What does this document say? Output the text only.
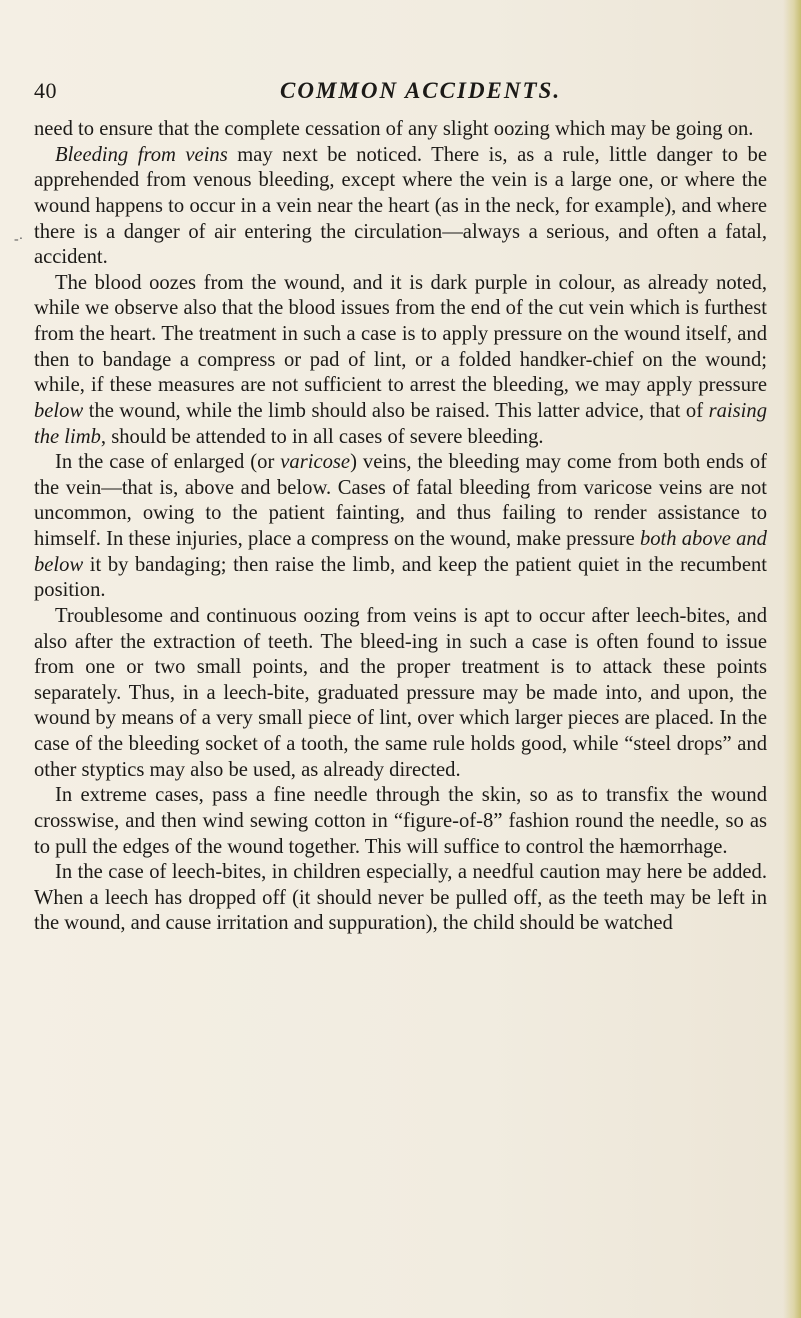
40	COMMON ACCIDENTS.
-·

need to ensure that the complete cessation of any slight oozing which may be going on.

Bleeding from veins may next be noticed. There is, as a rule, little danger to be apprehended from venous bleeding, except where the vein is a large one, or where the wound happens to occur in a vein near the heart (as in the neck, for example), and where there is a danger of air entering the circulation—always a serious, and often a fatal, accident.

The blood oozes from the wound, and it is dark purple in colour, as already noted, while we observe also that the blood issues from the end of the cut vein which is furthest from the heart. The treatment in such a case is to apply pressure on the wound itself, and then to bandage a compress or pad of lint, or a folded handker-chief on the wound; while, if these measures are not sufficient to arrest the bleeding, we may apply pressure below the wound, while the limb should also be raised. This latter advice, that of raising the limb, should be attended to in all cases of severe bleeding.

In the case of enlarged (or varicose) veins, the bleeding may come from both ends of the vein—that is, above and below. Cases of fatal bleeding from varicose veins are not uncommon, owing to the patient fainting, and thus failing to render assistance to himself. In these injuries, place a compress on the wound, make pressure both above and below it by bandaging; then raise the limb, and keep the patient quiet in the recumbent position.

Troublesome and continuous oozing from veins is apt to occur after leech-bites, and also after the extraction of teeth. The bleed-ing in such a case is often found to issue from one or two small points, and the proper treatment is to attack these points separately. Thus, in a leech-bite, graduated pressure may be made into, and upon, the wound by means of a very small piece of lint, over which larger pieces are placed. In the case of the bleeding socket of a tooth, the same rule holds good, while “steel drops” and other styptics may also be used, as already directed.

In extreme cases, pass a fine needle through the skin, so as to transfix the wound crosswise, and then wind sewing cotton in “figure-of-8” fashion round the needle, so as to pull the edges of the wound together. This will suffice to control the hæmorrhage.

In the case of leech-bites, in children especially, a needful caution may here be added. When a leech has dropped off (it should never be pulled off, as the teeth may be left in the wound, and cause irritation and suppuration), the child should be watched
